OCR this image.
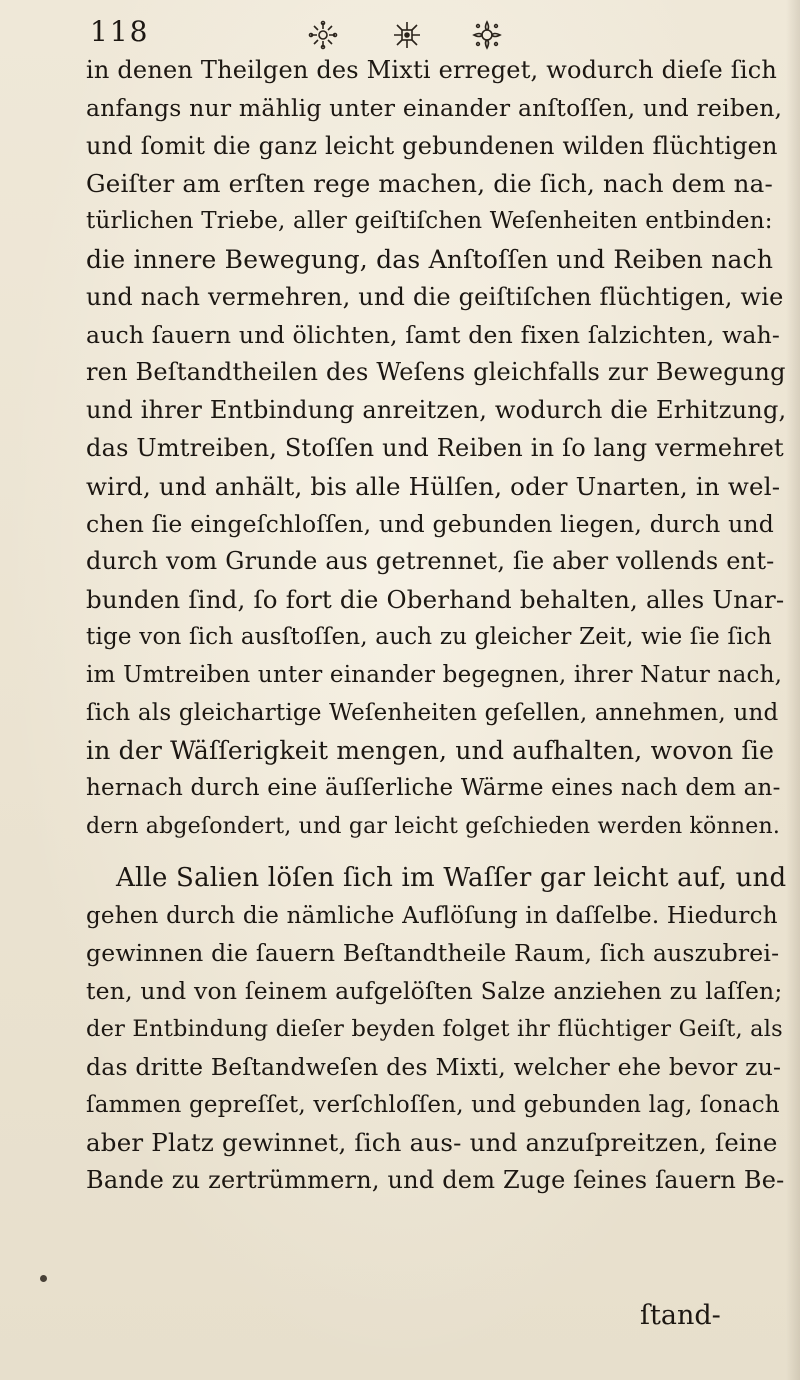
118
in denen Theilgen des Mixti erreget, wodurch dieſe ſich
anfangs nur mählig unter einander anſtoſſen, und reiben,
und ſomit die ganz leicht gebundenen wilden flüchtigen
Geiſter am erſten rege machen, die ſich, nach dem na-
türlichen Triebe, aller geiſtiſchen Weſenheiten entbinden:
die innere Bewegung, das Anſtoſſen und Reiben nach
und nach vermehren, und die geiſtiſchen flüchtigen, wie
auch ſauern und ölichten, ſamt den fixen ſalzichten, wah-
ren Beſtandtheilen des Weſens gleichfalls zur Bewegung
und ihrer Entbindung anreitzen, wodurch die Erhitzung,
das Umtreiben, Stoſſen und Reiben in ſo lang vermehret
wird, und anhält, bis alle Hülſen, oder Unarten, in wel-
chen ſie eingeſchloſſen, und gebunden liegen, durch und
durch vom Grunde aus getrennet, ſie aber vollends ent-
bunden ſind, ſo fort die Oberhand behalten, alles Unar-
tige von ſich ausſtoſſen, auch zu gleicher Zeit, wie ſie ſich
im Umtreiben unter einander begegnen, ihrer Natur nach,
ſich als gleichartige Weſenheiten geſellen, annehmen, und
in der Wäſſerigkeit mengen, und aufhalten, wovon ſie
hernach durch eine äuſſerliche Wärme eines nach dem an-
dern abgeſondert, und gar leicht geſchieden werden können.
Alle Salien löſen ſich im Waſſer gar leicht auf, und
gehen durch die nämliche Auflöſung in daſſelbe. Hiedurch
gewinnen die ſauern Beſtandtheile Raum, ſich auszubrei-
ten, und von ſeinem aufgelöſten Salze anziehen zu laſſen;
der Entbindung dieſer beyden folget ihr flüchtiger Geiſt, als
das dritte Beſtandweſen des Mixti, welcher ehe bevor zu-
ſammen gepreſſet, verſchloſſen, und gebunden lag, ſonach
aber Platz gewinnet, ſich aus- und anzuſpreitzen, ſeine
Bande zu zertrümmern, und dem Zuge ſeines ſauern Be-
ſtand-
